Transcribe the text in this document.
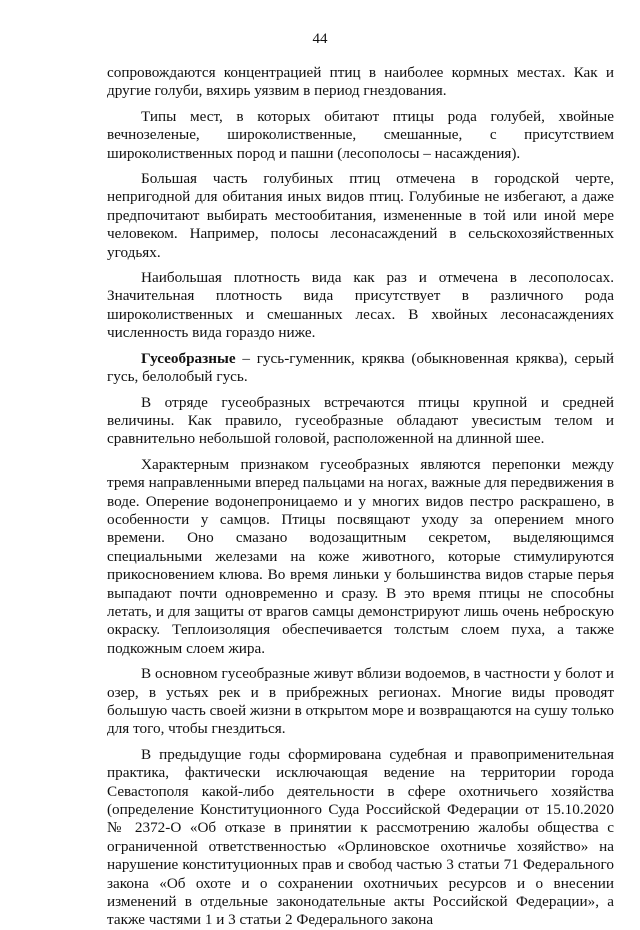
44

сопровождаются концентрацией птиц в наиболее кормных местах. Как и другие голуби, вяхирь уязвим в период гнездования.

Типы мест, в которых обитают птицы рода голубей, хвойные вечнозеленые, широколиственные, смешанные, с присутствием широколиственных пород и пашни (лесополосы – насаждения).

Большая часть голубиных птиц отмечена в городской черте, непригодной для обитания иных видов птиц. Голубиные не избегают, а даже предпочитают выбирать местообитания, измененные в той или иной мере человеком. Например, полосы лесонасаждений в сельскохозяйственных угодьях.

Наибольшая плотность вида как раз и отмечена в лесополосах. Значительная плотность вида присутствует в различного рода широколиственных и смешанных лесах. В хвойных лесонасаждениях численность вида гораздо ниже.

Гусеобразные – гусь-гуменник, кряква (обыкновенная кряква), серый гусь, белолобый гусь.

В отряде гусеобразных встречаются птицы крупной и средней величины. Как правило, гусеобразные обладают увесистым телом и сравнительно небольшой головой, расположенной на длинной шее.

Характерным признаком гусеобразных являются перепонки между тремя направленными вперед пальцами на ногах, важные для передвижения в воде. Оперение водонепроницаемо и у многих видов пестро раскрашено, в особенности у самцов. Птицы посвящают уходу за оперением много времени. Оно смазано водозащитным секретом, выделяющимся специальными железами на коже животного, которые стимулируются прикосновением клюва. Во время линьки у большинства видов старые перья выпадают почти одновременно и сразу. В это время птицы не способны летать, и для защиты от врагов самцы демонстрируют лишь очень неброскую окраску. Теплоизоляция обеспечивается толстым слоем пуха, а также подкожным слоем жира.

В основном гусеобразные живут вблизи водоемов, в частности у болот и озер, в устьях рек и в прибрежных регионах. Многие виды проводят большую часть своей жизни в открытом море и возвращаются на сушу только для того, чтобы гнездиться.

В предыдущие годы сформирована судебная и правоприменительная практика, фактически исключающая ведение на территории города Севастополя какой-либо деятельности в сфере охотничьего хозяйства (определение Конституционного Суда Российской Федерации от 15.10.2020 № 2372-О «Об отказе в принятии к рассмотрению жалобы общества с ограниченной ответственностью «Орлиновское охотничье хозяйство» на нарушение конституционных прав и свобод частью 3 статьи 71 Федерального закона «Об охоте и о сохранении охотничьих ресурсов и о внесении изменений в отдельные законодательные акты Российской Федерации», а также частями 1 и 3 статьи 2 Федерального закона
